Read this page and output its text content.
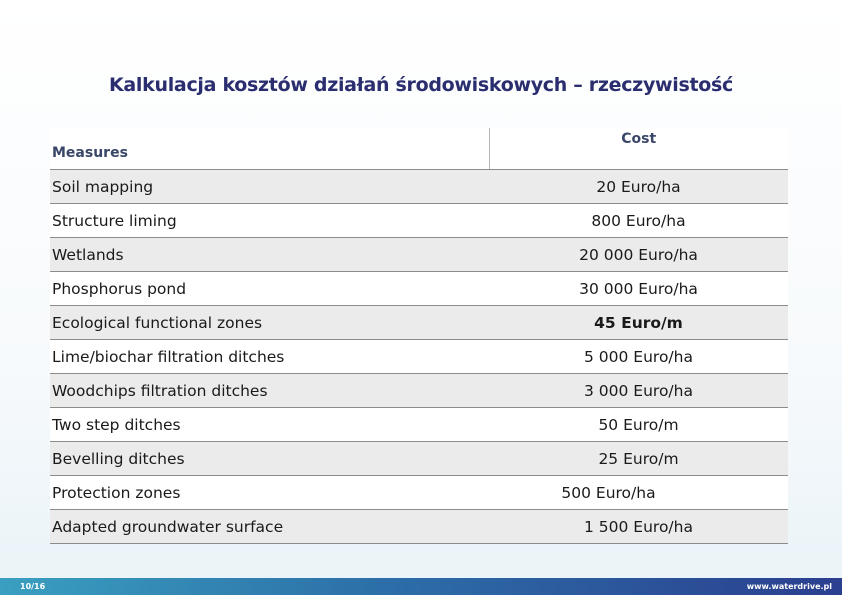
Kalkulacja kosztów działań środowiskowych – rzeczywistość
Measures	Cost
Soil mapping	20 Euro/ha
Structure liming	800 Euro/ha
Wetlands	20 000 Euro/ha
Phosphorus pond	30 000 Euro/ha
Ecological functional zones	45 Euro/m
Lime/biochar filtration ditches	5 000 Euro/ha
Woodchips filtration ditches	3 000 Euro/ha
Two step ditches	50 Euro/m
Bevelling ditches	25 Euro/m
Protection zones	500 Euro/ha
Adapted groundwater surface	1 500 Euro/ha
10/16	www.waterdrive.pl
